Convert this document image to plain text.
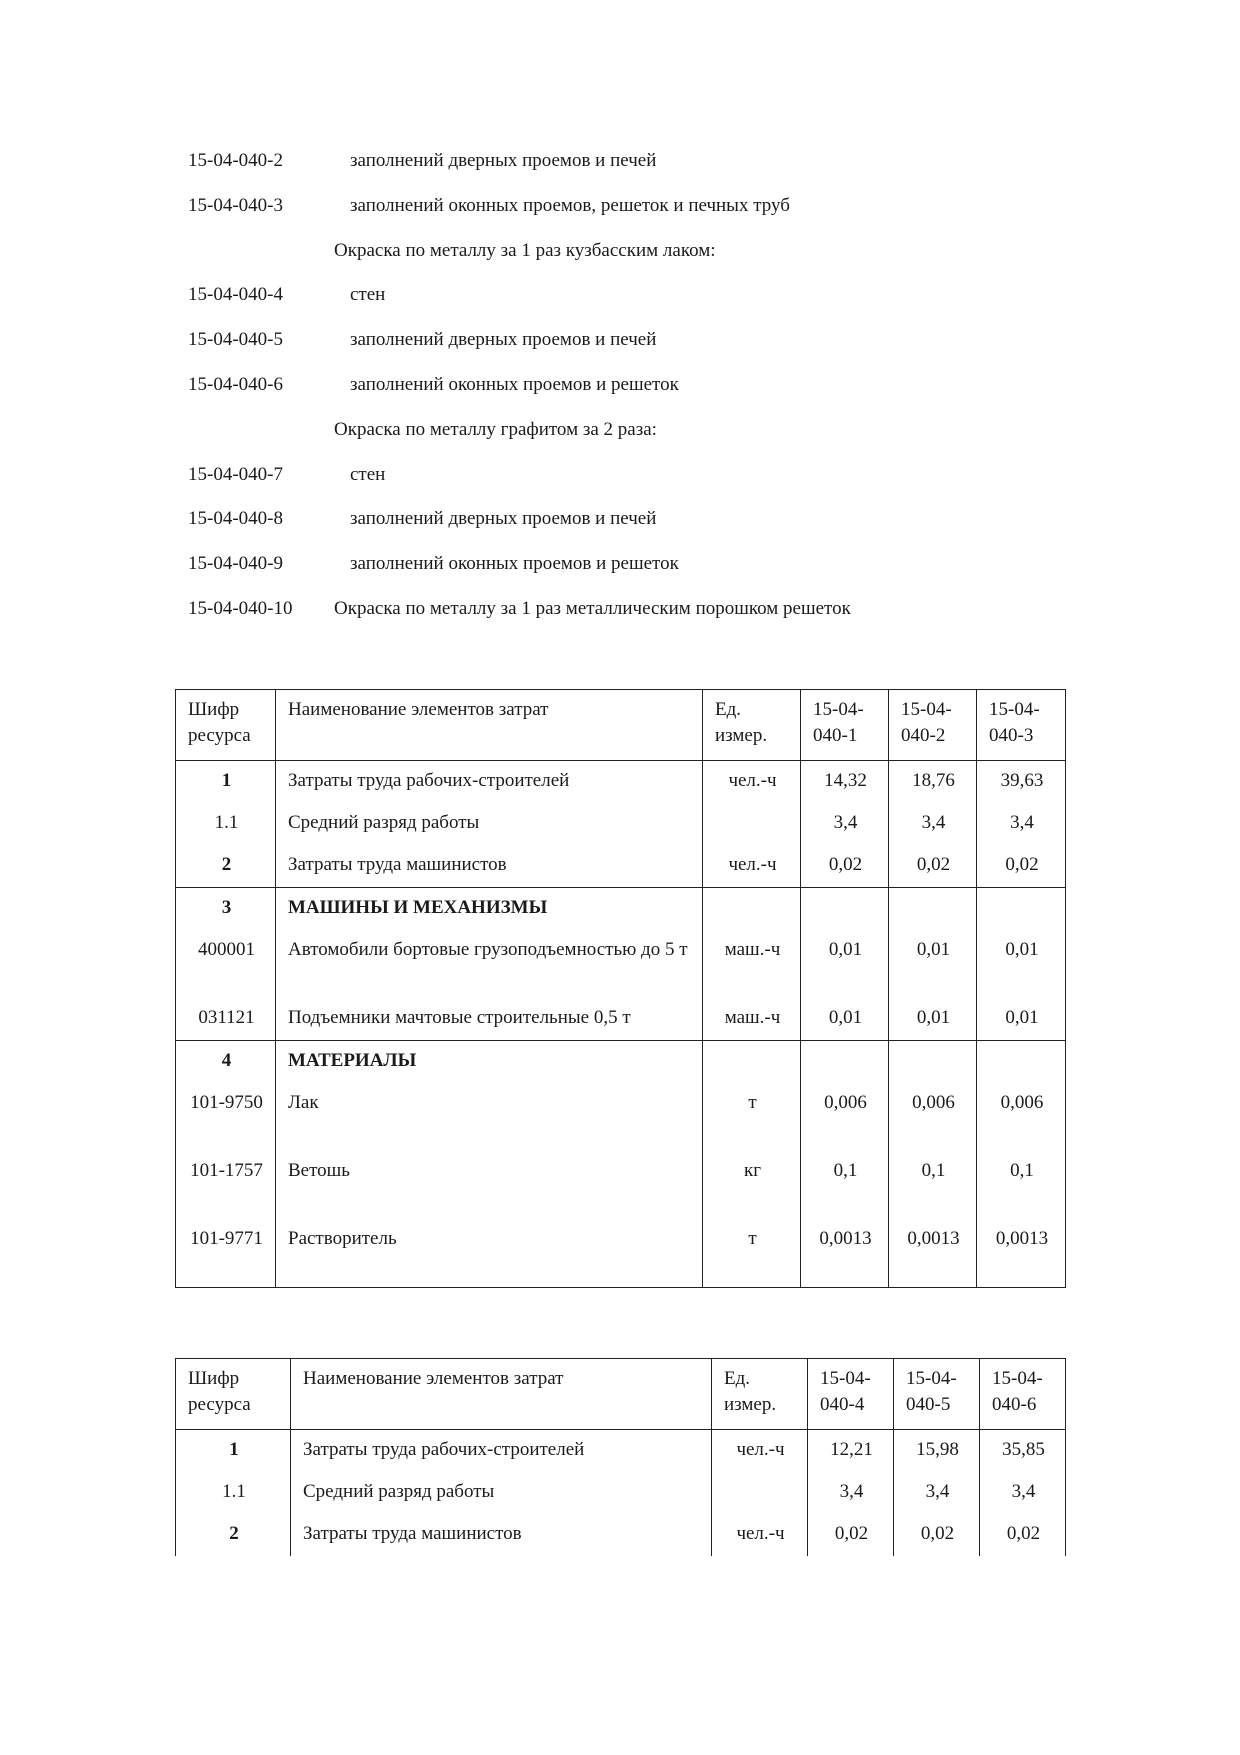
15-04-040-2	заполнений дверных проемов и печей
15-04-040-3	заполнений оконных проемов, решеток и печных труб
Окраска по металлу за 1 раз кузбасским лаком:
15-04-040-4	стен
15-04-040-5	заполнений дверных проемов и печей
15-04-040-6	заполнений оконных проемов и решеток
Окраска по металлу графитом за 2 раза:
15-04-040-7	стен
15-04-040-8	заполнений дверных проемов и печей
15-04-040-9	заполнений оконных проемов и решеток
15-04-040-10 Окраска по металлу за 1 раз металлическим порошком решеток
Шифр ресурса	Наименование элементов затрат	Ед. измер.	15-04-040-1	15-04-040-2	15-04-040-3
1	Затраты труда рабочих-строителей	чел.-ч	14,32	18,76	39,63
1.1	Средний разряд работы		3,4	3,4	3,4
2	Затраты труда машинистов	чел.-ч	0,02	0,02	0,02
3	МАШИНЫ И МЕХАНИЗМЫ				

400001	Автомобили бортовые грузоподъемностью до 5 т	маш.-ч	0,01	0,01	0,01
031121	Подъемники мачтовые строительные 0,5 т	маш.-ч	0,01	0,01	0,01
4	МАТЕРИАЛЫ				

101-9750	Лак	т	0,006	0,006	0,006
101-1757	Ветошь	кг	0,1	0,1	0,1
101-9771	Растворитель	т	0,0013	0,0013	0,0013
Шифр ресурса	Наименование элементов затрат	Ед. измер.	15-04-040-4	15-04-040-5	15-04-040-6
1	Затраты труда рабочих-строителей	чел.-ч	12,21	15,98	35,85
1.1	Средний разряд работы		3,4	3,4	3,4
2	Затраты труда машинистов	чел.-ч	0,02	0,02	0,02
